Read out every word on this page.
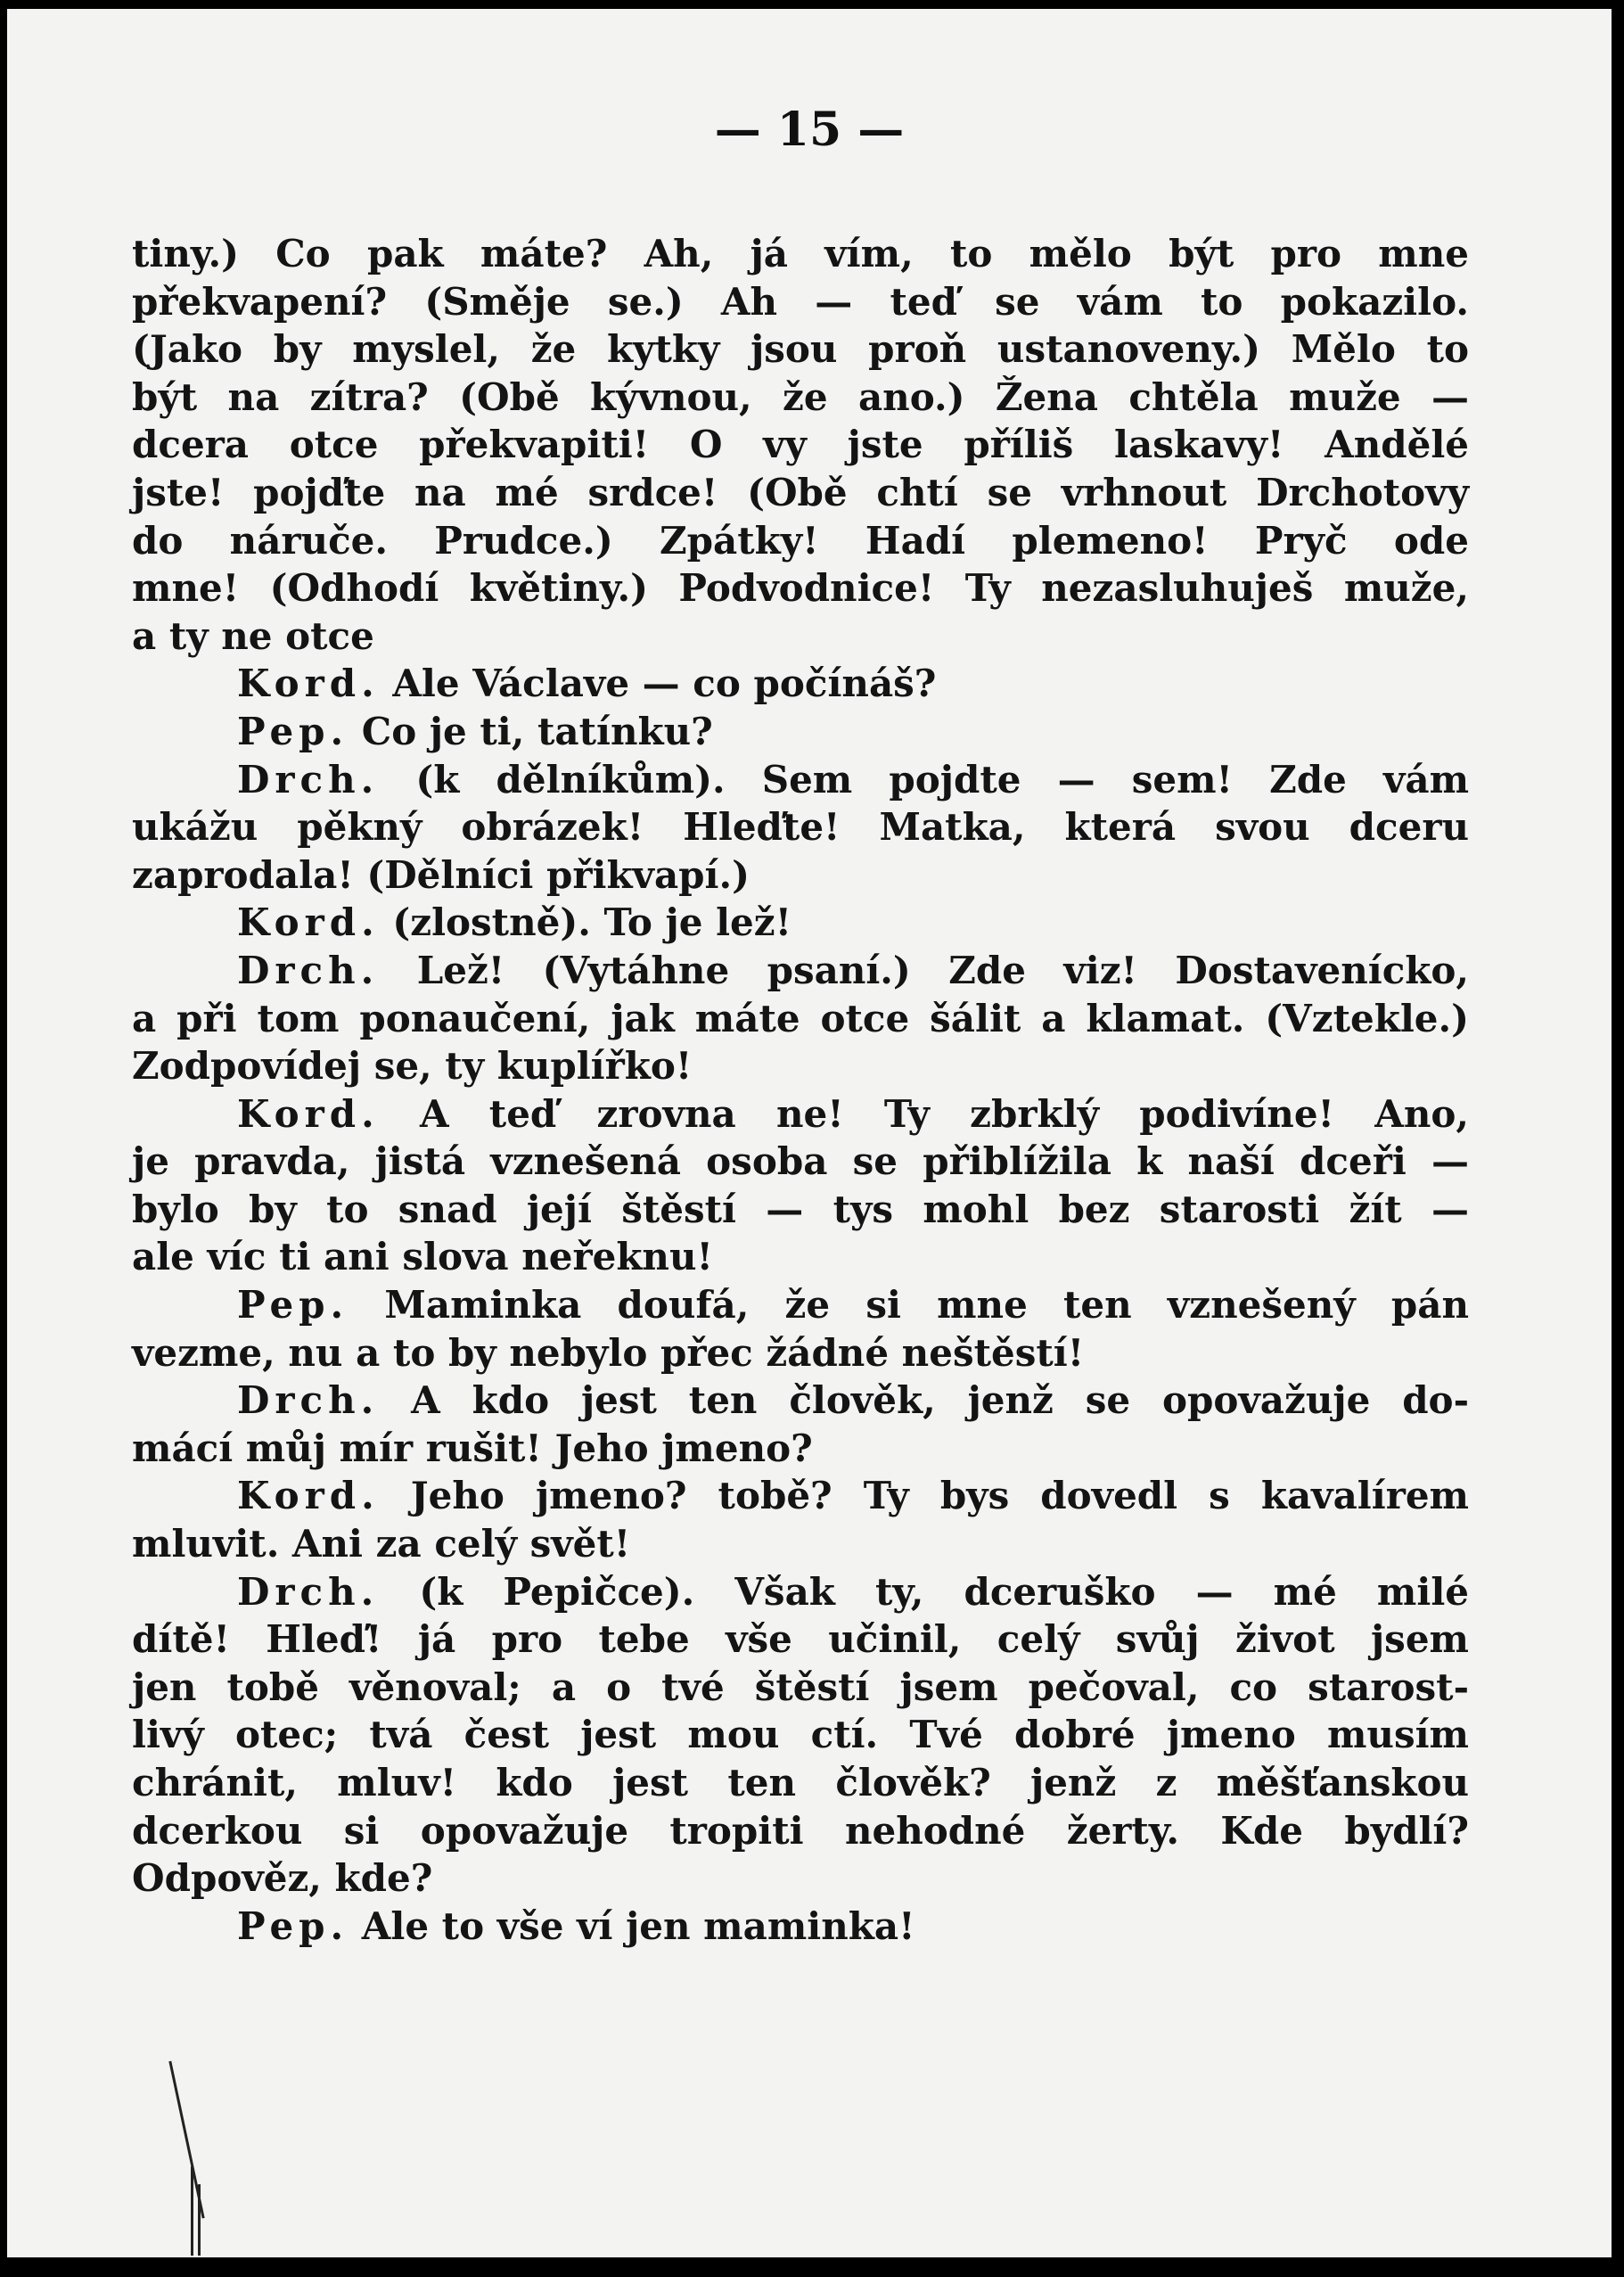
— 15 —
tiny.) Co pak máte? Ah, já vím, to mělo být pro mne
překvapení? (Směje se.) Ah — teď se vám to pokazilo.
(Jako by myslel, že kytky jsou proň ustanoveny.) Mělo to
být na zítra? (Obě kývnou, že ano.) Žena chtěla muže —
dcera otce překvapiti! O vy jste příliš laskavy! Andělé
jste! pojďte na mé srdce! (Obě chtí se vrhnout Drchotovy
do náruče. Prudce.) Zpátky! Hadí plemeno! Pryč ode
mne! (Odhodí květiny.) Podvodnice! Ty nezasluhuješ muže,
a ty ne otce
Kord. Ale Václave — co počínáš?
Pep. Co je ti, tatínku?
Drch. (k dělníkům). Sem pojdte — sem! Zde vám
ukážu pěkný obrázek! Hleďte! Matka, která svou dceru
zaprodala! (Dělníci přikvapí.)
Kord. (zlostně). To je lež!
Drch. Lež! (Vytáhne psaní.) Zde viz! Dostavenícko,
a při tom ponaučení, jak máte otce šálit a klamat. (Vztekle.)
Zodpovídej se, ty kuplířko!
Kord. A teď zrovna ne! Ty zbrklý podivíne! Ano,
je pravda, jistá vznešená osoba se přiblížila k naší dceři —
bylo by to snad její štěstí — tys mohl bez starosti žít —
ale víc ti ani slova neřeknu!
Pep. Maminka doufá, že si mne ten vznešený pán
vezme, nu a to by nebylo přec žádné neštěstí!
Drch. A kdo jest ten člověk, jenž se opovažuje do-
mácí můj mír rušit! Jeho jmeno?
Kord. Jeho jmeno? tobě? Ty bys dovedl s kavalírem
mluvit. Ani za celý svět!
Drch. (k Pepičce). Však ty, dceruško — mé milé
dítě! Hleď! já pro tebe vše učinil, celý svůj život jsem
jen tobě věnoval; a o tvé štěstí jsem pečoval, co starost-
livý otec; tvá čest jest mou ctí. Tvé dobré jmeno musím
chránit, mluv! kdo jest ten člověk? jenž z měšťanskou
dcerkou si opovažuje tropiti nehodné žerty. Kde bydlí?
Odpověz, kde?
Pep. Ale to vše ví jen maminka!
